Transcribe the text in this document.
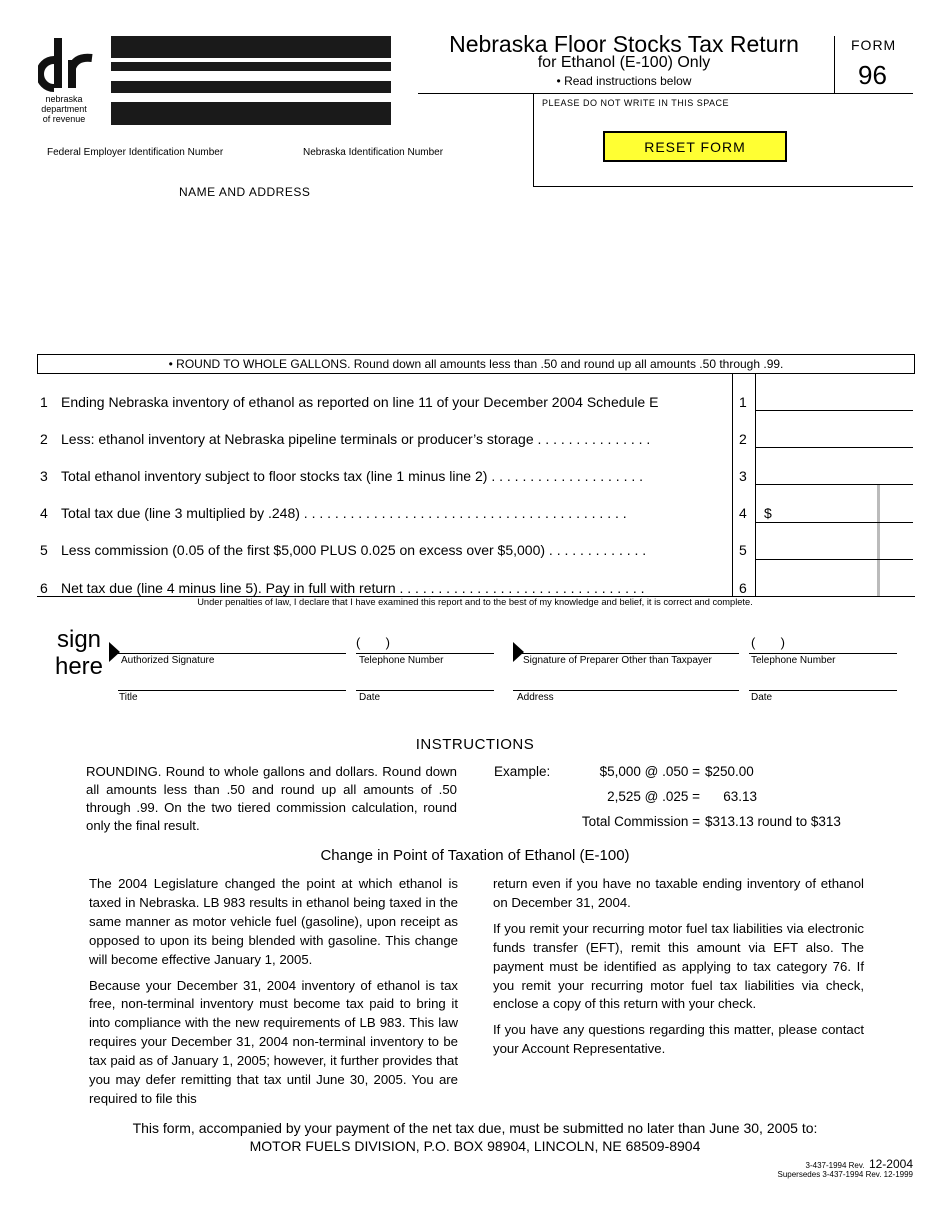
nebraska
department
of revenue
Nebraska Floor Stocks Tax Return
for Ethanol (E-100) Only
• Read instructions below
FORM
96
PLEASE DO NOT WRITE IN THIS SPACE
RESET FORM
Federal Employer Identification Number	Nebraska Identification Number
NAME AND ADDRESS
• ROUND TO WHOLE GALLONS. Round down all amounts less than .50 and round up all amounts .50 through .99.
1 Ending Nebraska inventory of ethanol as reported on line 11 of your December 2004 Schedule E	1
2 Less: ethanol inventory at Nebraska pipeline terminals or producer’s storage . . . . . . . . . . . . . . .	2
3 Total ethanol inventory subject to floor stocks tax (line 1 minus line 2) . . . . . . . . . . . . . . . . . . . .	3
4 Total tax due (line 3 multiplied by .248) . . . . . . . . . . . . . . . . . . . . . . . . . . . . . . . . . . . . . . . . . .	4 $
5 Less commission (0.05 of the first $5,000 PLUS 0.025 on excess over $5,000) . . . . . . . . . . . . .	5
6 Net tax due (line 4 minus line 5). Pay in full with return . . . . . . . . . . . . . . . . . . . . . . . . . . . . . . . .	6
Under penalties of law, I declare that I have examined this report and to the best of my knowledge and belief, it is correct and complete.
sign
here Authorized Signature
(       )
Telephone Number	Signature of Preparer Other than Taxpayer
(       )
Telephone Number
Title	Date	Address	Date
INSTRUCTIONS
ROUNDING. Round to whole gallons and dollars. Round down all amounts less than .50 and round up all amounts of .50 through .99. On the two tiered commission calculation, round only the final result.
Example:	$5,000 @ .050 = $250.00
2,525 @ .025 =	63.13
Total Commission = $313.13 round to $313
Change in Point of Taxation of Ethanol (E-100)

The 2004 Legislature changed the point at which ethanol is taxed in Nebraska. LB 983 results in ethanol being taxed in the same manner as motor vehicle fuel (gasoline), upon receipt as opposed to upon its being blended with gasoline. This change will become effective January 1, 2005.

Because your December 31, 2004 inventory of ethanol is tax free, non-terminal inventory must become tax paid to bring it into compliance with the new requirements of LB 983. This law requires your December 31, 2004 non-terminal inventory to be tax paid as of January 1, 2005; however, it further provides that you may defer remitting that tax until June 30, 2005. You are required to file this

return even if you have no taxable ending inventory of ethanol on December 31, 2004.

If you remit your recurring motor fuel tax liabilities via electronic funds transfer (EFT), remit this amount via EFT also. The payment must be identified as applying to tax category 76. If you remit your recurring motor fuel tax liabilities via check, enclose a copy of this return with your check.

If you have any questions regarding this matter, please contact your Account Representative.

This form, accompanied by your payment of the net tax due, must be submitted no later than June 30, 2005 to:
MOTOR FUELS DIVISION, P.O. BOX 98904, LINCOLN, NE 68509-8904
3-437-1994 Rev. 12-2004
Supersedes 3-437-1994 Rev. 12-1999
